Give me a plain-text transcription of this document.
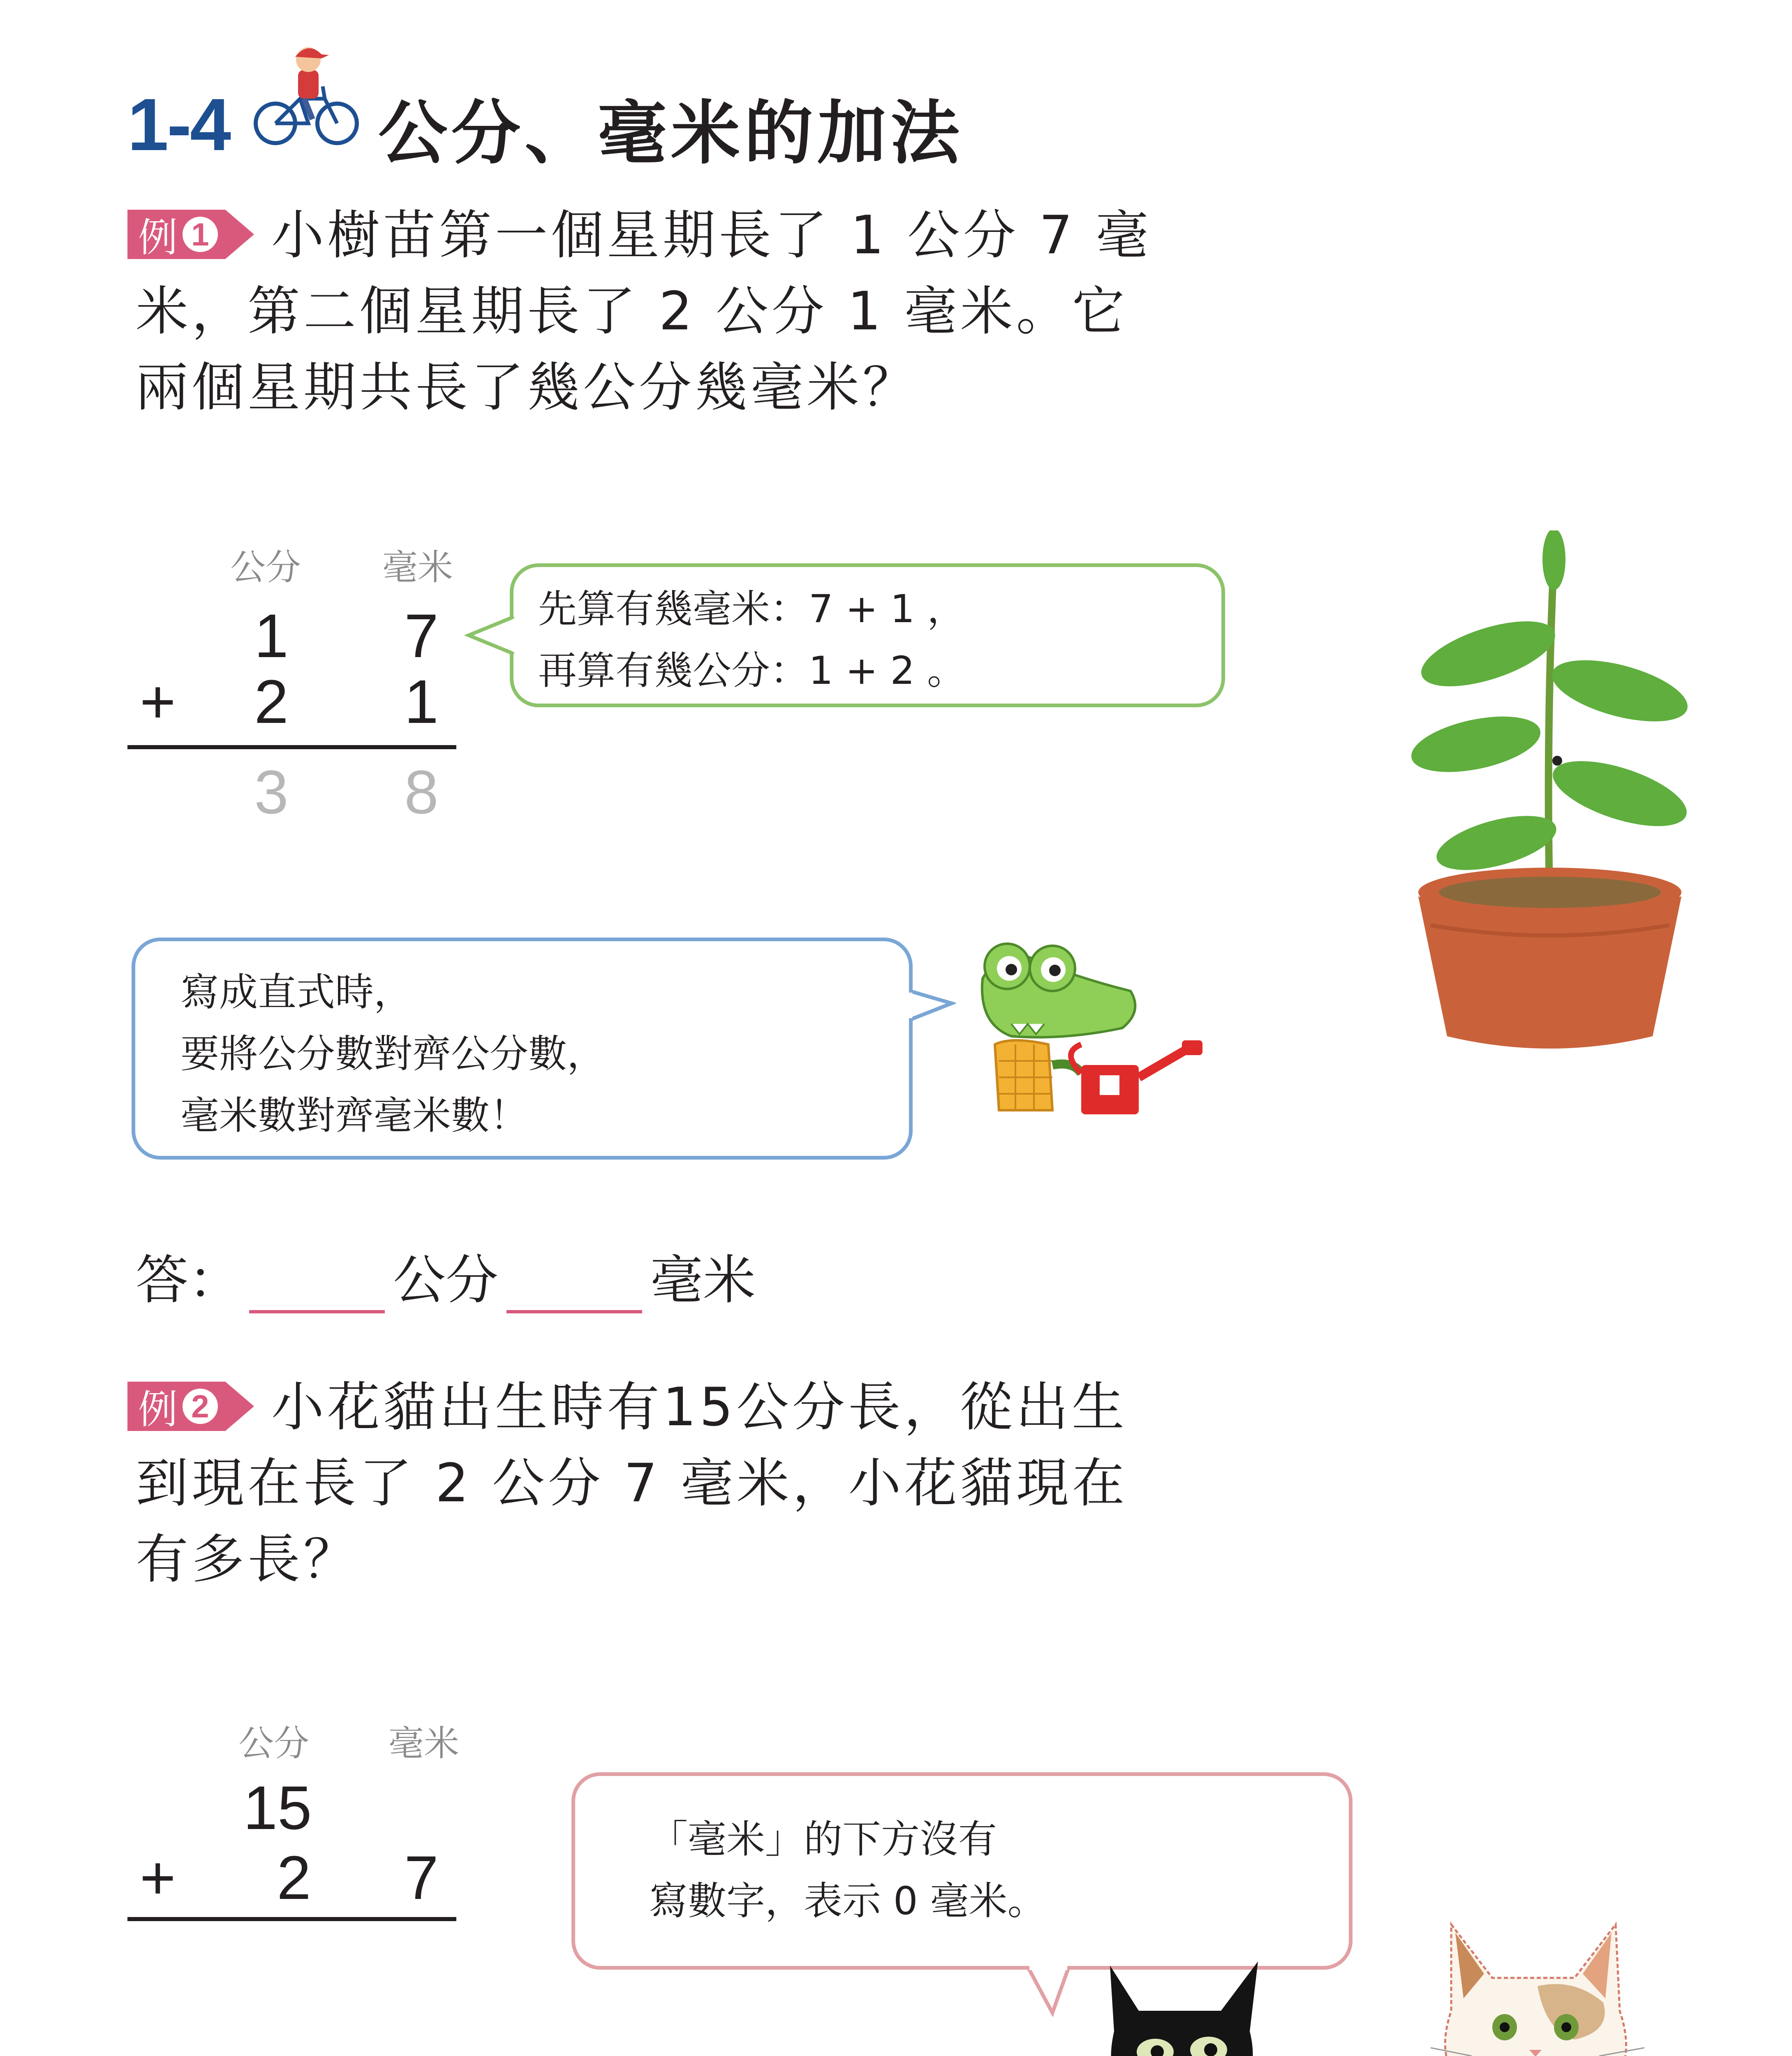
1-4 公分、毫米的加法
例 1 小樹苗第一個星期長了 1 公分 7 毫
米，第二個星期長了 2 公分 1 毫米。它
兩個星期共長了幾公分幾毫米？
公分 毫米
1 7
+ 2 1
3 8
先算有幾毫米：7 + 1 ，
再算有幾公分：1 + 2 。
寫成直式時，
要將公分數對齊公分數，
毫米數對齊毫米數！
答：	公分	毫米
例 2 小花貓出生時有15公分長，從出生
到現在長了 2 公分 7 毫米，小花貓現在
有多長？
公分 毫米
15
+ 2 7
「毫米」的下方沒有
寫數字，表示 0 毫米。
